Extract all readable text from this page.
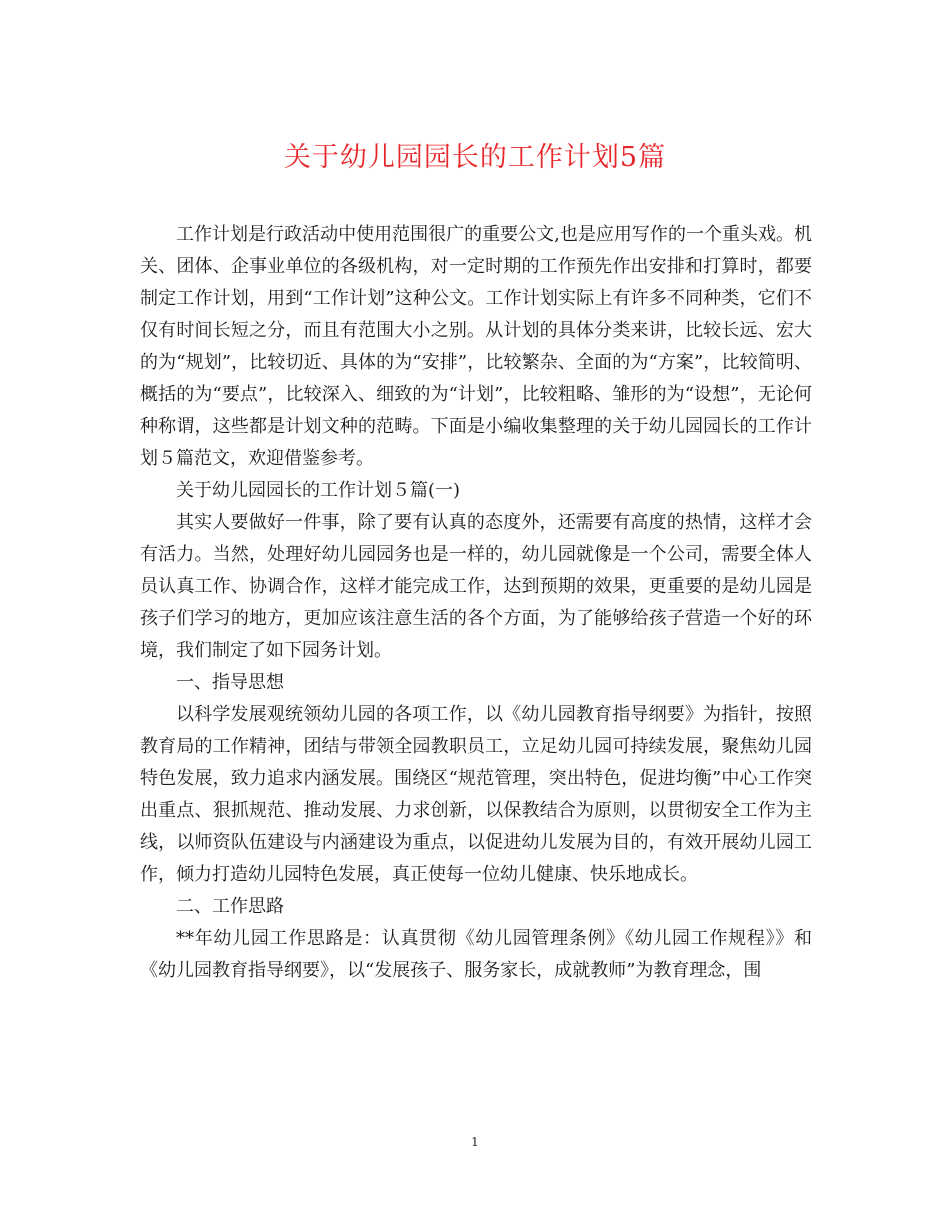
关于幼儿园园长的工作计划5篇

工作计划是行政活动中使用范围很广的重要公文,也是应用写作的一个重头戏。机关、团体、企事业单位的各级机构，对一定时期的工作预先作出安排和打算时，都要制定工作计划，用到“工作计划”这种公文。工作计划实际上有许多不同种类，它们不仅有时间长短之分，而且有范围大小之别。从计划的具体分类来讲，比较长远、宏大的为“规划”，比较切近、具体的为“安排”，比较繁杂、全面的为“方案”，比较简明、概括的为“要点”，比较深入、细致的为“计划”，比较粗略、雏形的为“设想”，无论何种称谓，这些都是计划文种的范畴。下面是小编收集整理的关于幼儿园园长的工作计划５篇范文，欢迎借鉴参考。

关于幼儿园园长的工作计划５篇(一)

其实人要做好一件事，除了要有认真的态度外，还需要有高度的热情，这样才会有活力。当然，处理好幼儿园园务也是一样的，幼儿园就像是一个公司，需要全体人员认真工作、协调合作，这样才能完成工作，达到预期的效果，更重要的是幼儿园是孩子们学习的地方，更加应该注意生活的各个方面，为了能够给孩子营造一个好的环境，我们制定了如下园务计划。

一、指导思想

以科学发展观统领幼儿园的各项工作，以《幼儿园教育指导纲要》为指针，按照教育局的工作精神，团结与带领全园教职员工，立足幼儿园可持续发展，聚焦幼儿园特色发展，致力追求内涵发展。围绕区“规范管理，突出特色，促进均衡”中心工作突出重点、狠抓规范、推动发展、力求创新，以保教结合为原则，以贯彻安全工作为主线，以师资队伍建设与内涵建设为重点，以促进幼儿发展为目的，有效开展幼儿园工作，倾力打造幼儿园特色发展，真正使每一位幼儿健康、快乐地成长。

二、工作思路

**年幼儿园工作思路是：认真贯彻《幼儿园管理条例》《幼儿园工作规程》》和《幼儿园教育指导纲要》，以“发展孩子、服务家长，成就教师”为教育理念，围

1
